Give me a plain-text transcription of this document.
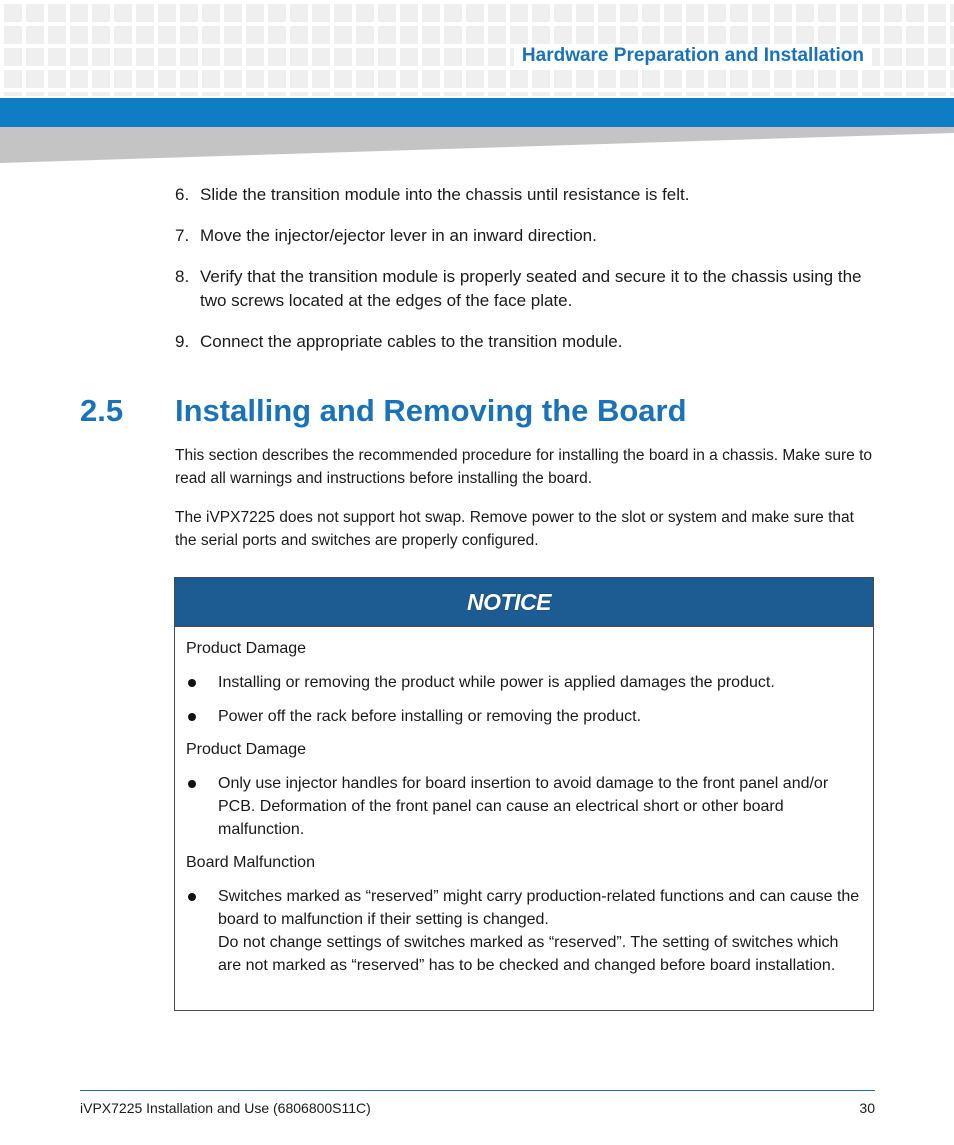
Hardware Preparation and Installation
6. Slide the transition module into the chassis until resistance is felt.
7. Move the injector/ejector lever in an inward direction.
8. Verify that the transition module is properly seated and secure it to the chassis using the two screws located at the edges of the face plate.
9. Connect the appropriate cables to the transition module.
2.5 Installing and Removing the Board

This section describes the recommended procedure for installing the board in a chassis. Make sure to read all warnings and instructions before installing the board.

The iVPX7225 does not support hot swap. Remove power to the slot or system and make sure that the serial ports and switches are properly configured.

NOTICE
Product Damage
Installing or removing the product while power is applied damages the product.
Power off the rack before installing or removing the product.
Product Damage
Only use injector handles for board insertion to avoid damage to the front panel and/or PCB. Deformation of the front panel can cause an electrical short or other board malfunction.
Board Malfunction
Switches marked as “reserved” might carry production-related functions and can cause the board to malfunction if their setting is changed.
Do not change settings of switches marked as “reserved”. The setting of switches which are not marked as “reserved” has to be checked and changed before board installation.
iVPX7225 Installation and Use (6806800S11C)	30
